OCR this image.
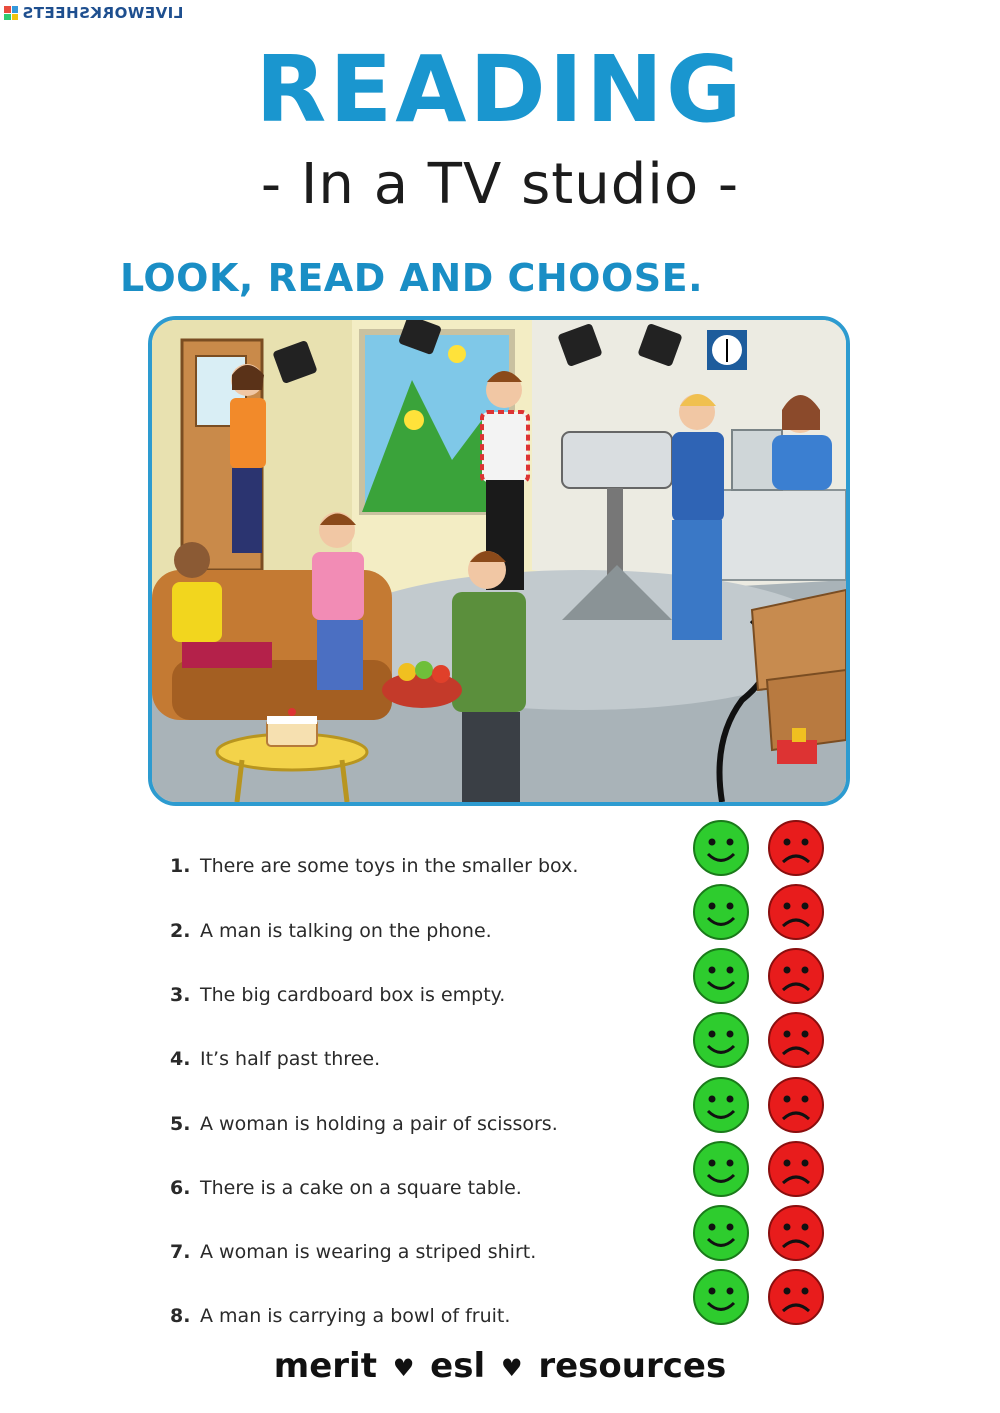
LIVEWORKSHEETS
READING
- In a TV studio -
LOOK, READ AND CHOOSE.
1. There are some toys in the smaller box.
2. A man is talking on the phone.
3. The big cardboard box is empty.
4. It’s half past three.
5. A woman is holding a pair of scissors.
6. There is a cake on a square table.
7. A woman is wearing a striped shirt.
8. A man is carrying a bowl of fruit.
merit ♥ esl ♥ resources
